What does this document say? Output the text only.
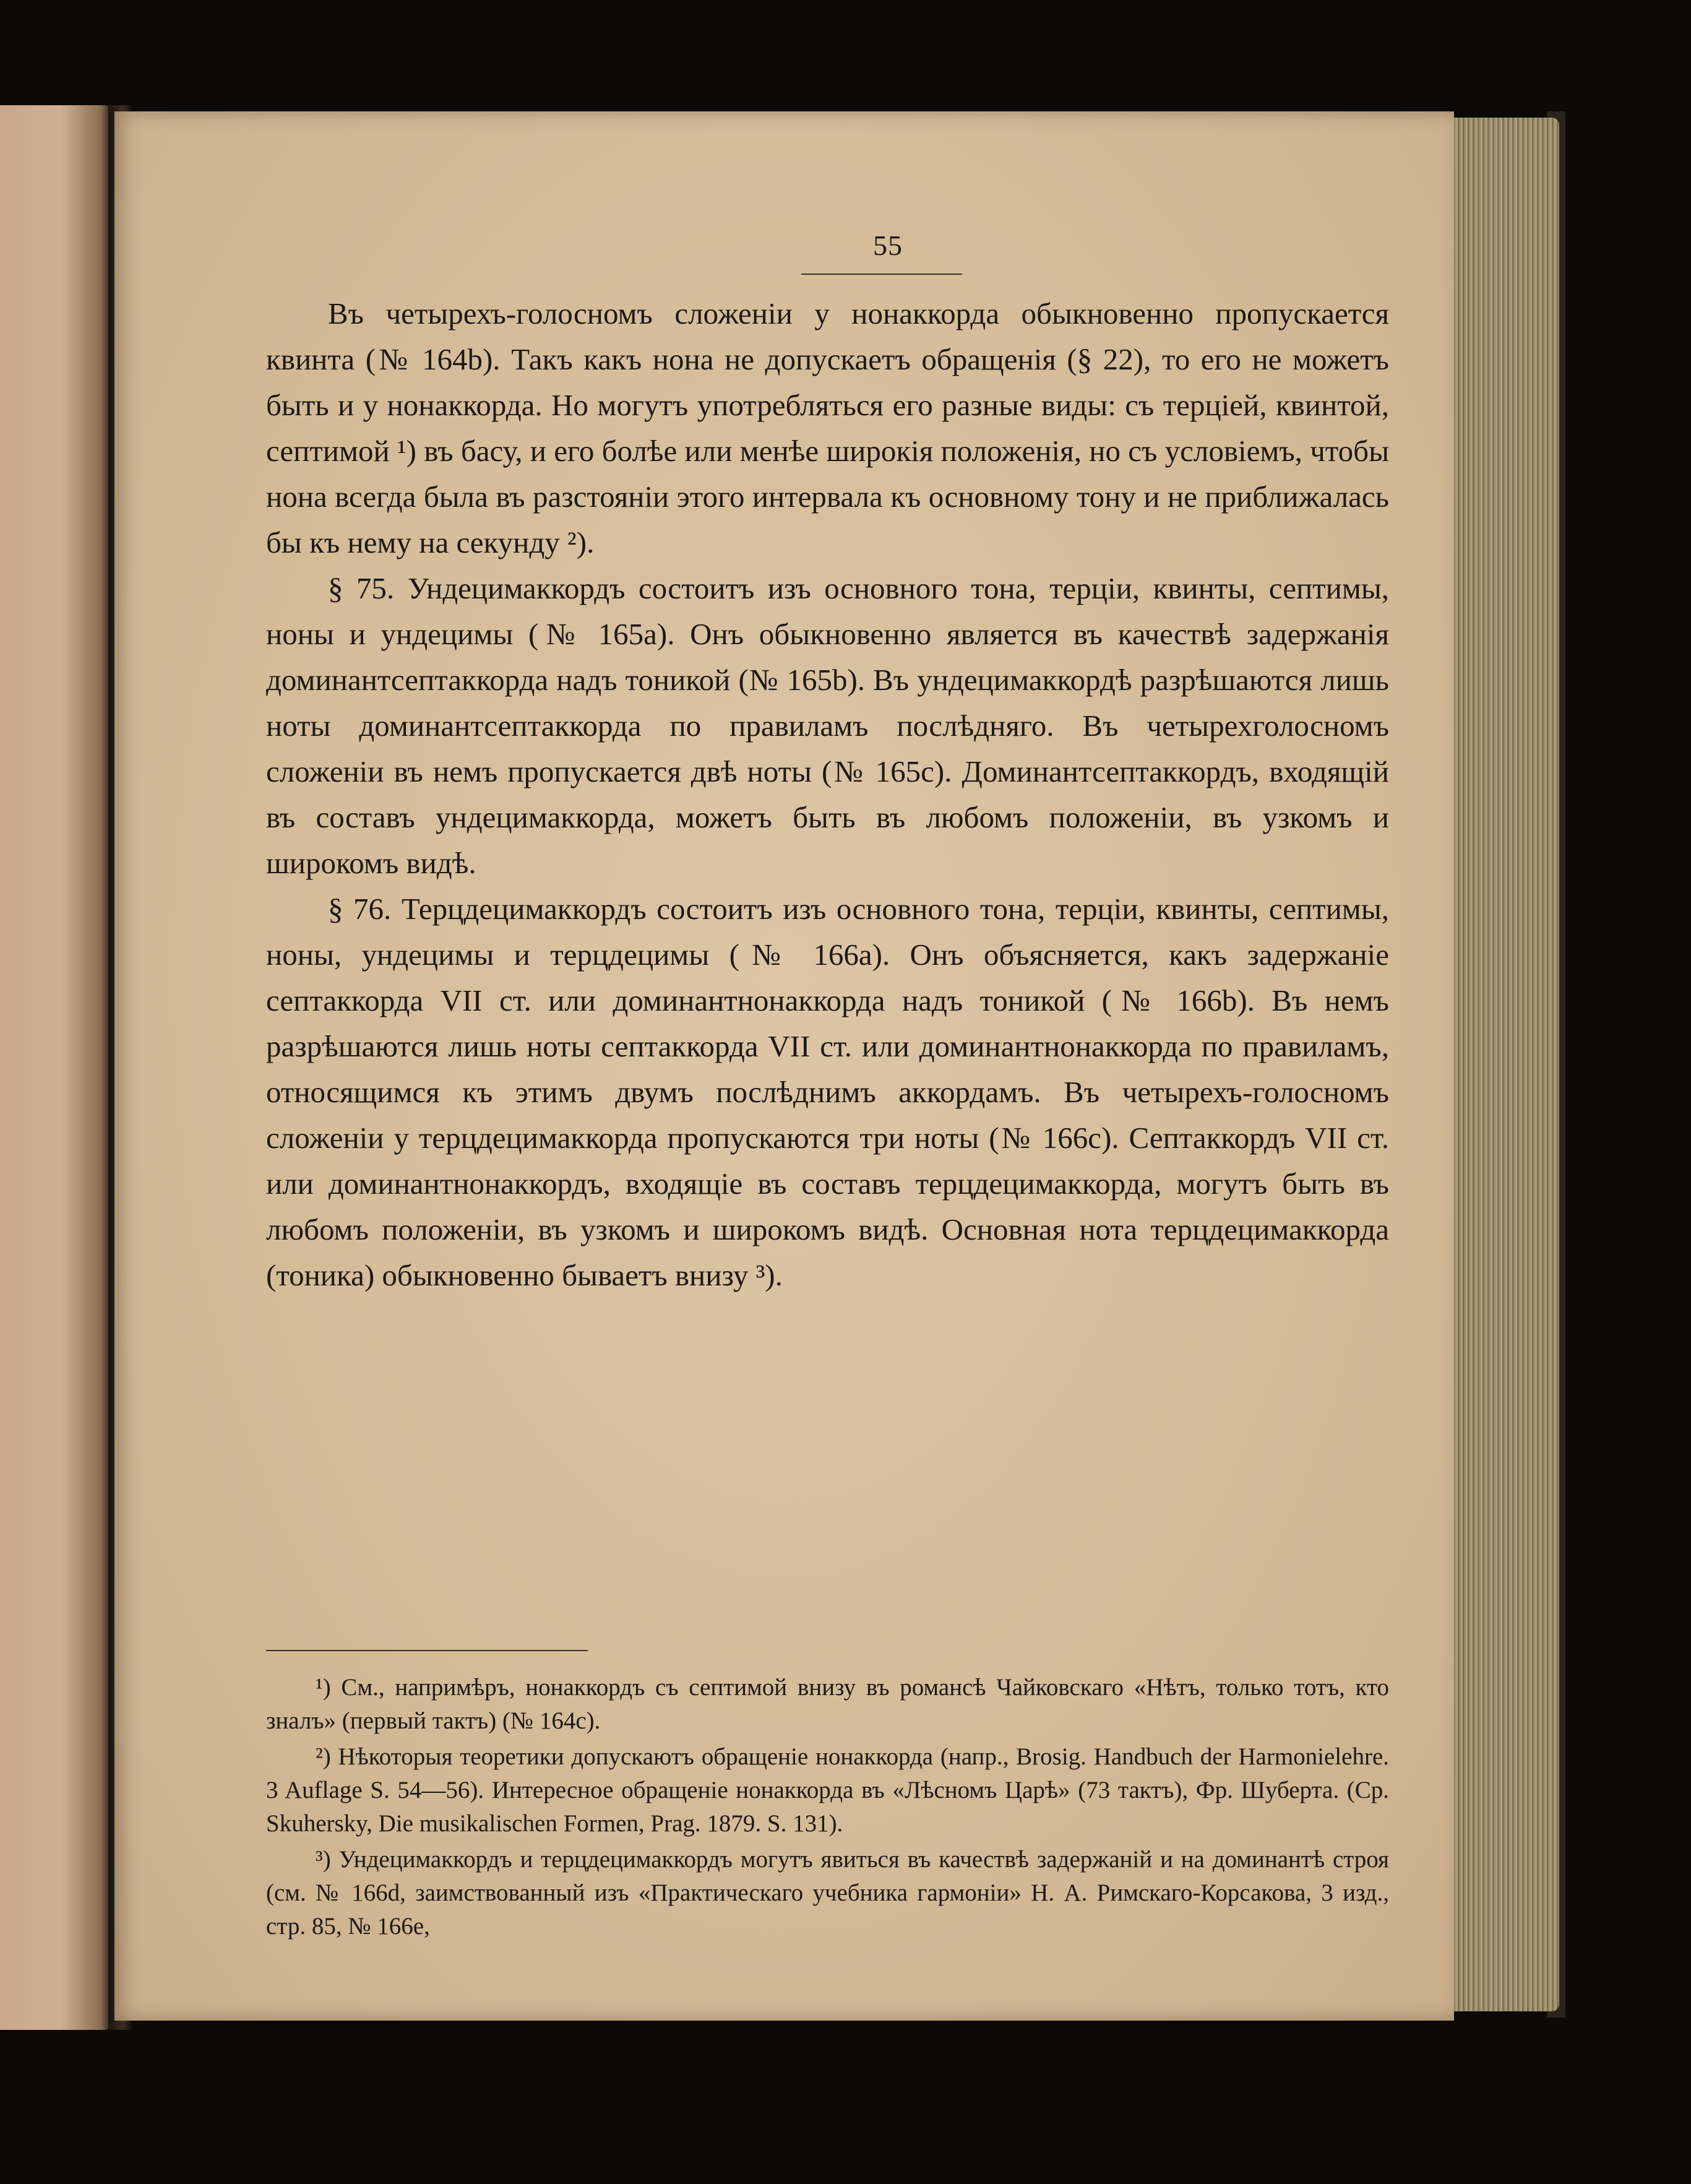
55

Въ четырехъ-голосномъ сложеніи у нонаккорда обыкновенно пропускается квинта (№ 164b). Такъ какъ нона не допускаетъ обращенія (§ 22), то его не можетъ быть и у нонаккорда. Но могутъ употребляться его разные виды: съ терціей, квинтой, септимой ¹) въ басу, и его болѣе или менѣе широкія положенія, но съ условіемъ, чтобы нона всегда была въ разстояніи этого интервала къ основному тону и не приближалась бы къ нему на секунду ²).

§ 75. Ундецимаккордъ состоитъ изъ основного тона, терціи, квинты, септимы, ноны и ундецимы (№ 165a). Онъ обыкновенно является въ качествѣ задержанія доминантсептаккорда надъ тоникой (№ 165b). Въ ундецимаккордѣ разрѣшаются лишь ноты доминантсептаккорда по правиламъ послѣдняго. Въ четырехголосномъ сложеніи въ немъ пропускается двѣ ноты (№ 165c). Доминантсептаккордъ, входящій въ составъ ундецимаккорда, можетъ быть въ любомъ положеніи, въ узкомъ и широкомъ видѣ.

§ 76. Терцдецимаккордъ состоитъ изъ основного тона, терціи, квинты, септимы, ноны, ундецимы и терцдецимы (№ 166a). Онъ объясняется, какъ задержаніе септаккорда VII ст. или доминантнонаккорда надъ тоникой (№ 166b). Въ немъ разрѣшаются лишь ноты септаккорда VII ст. или доминантнонаккорда по правиламъ, относящимся къ этимъ двумъ послѣднимъ аккордамъ. Въ четырехъ-голосномъ сложеніи у терцдецимаккорда пропускаются три ноты (№ 166c). Септаккордъ VII ст. или доминантнонаккордъ, входящіе въ составъ терцдецимаккорда, могутъ быть въ любомъ положеніи, въ узкомъ и широкомъ видѣ. Основная нота терцдецимаккорда (тоника) обыкновенно бываетъ внизу ³).

¹) См., напримѣръ, нонаккордъ съ септимой внизу въ романсѣ Чайковскаго «Нѣтъ, только тотъ, кто зналъ» (первый тактъ) (№ 164c).

²) Нѣкоторыя теоретики допускаютъ обращеніе нонаккорда (напр., Brosig. Handbuch der Harmonielehre. 3 Auflage S. 54—56). Интересное обращеніе нонаккорда въ «Лѣсномъ Царѣ» (73 тактъ), Фр. Шуберта. (Cp. Skuhersky, Die musikalischen Formen, Prag. 1879. S. 131).

³) Ундецимаккордъ и терцдецимаккордъ могутъ явиться въ качествѣ задержаній и на доминантѣ строя (см. № 166d, заимствованный изъ «Практическаго учебника гармоніи» Н. А. Римскаго-Корсакова, 3 изд., стр. 85, № 166e,
